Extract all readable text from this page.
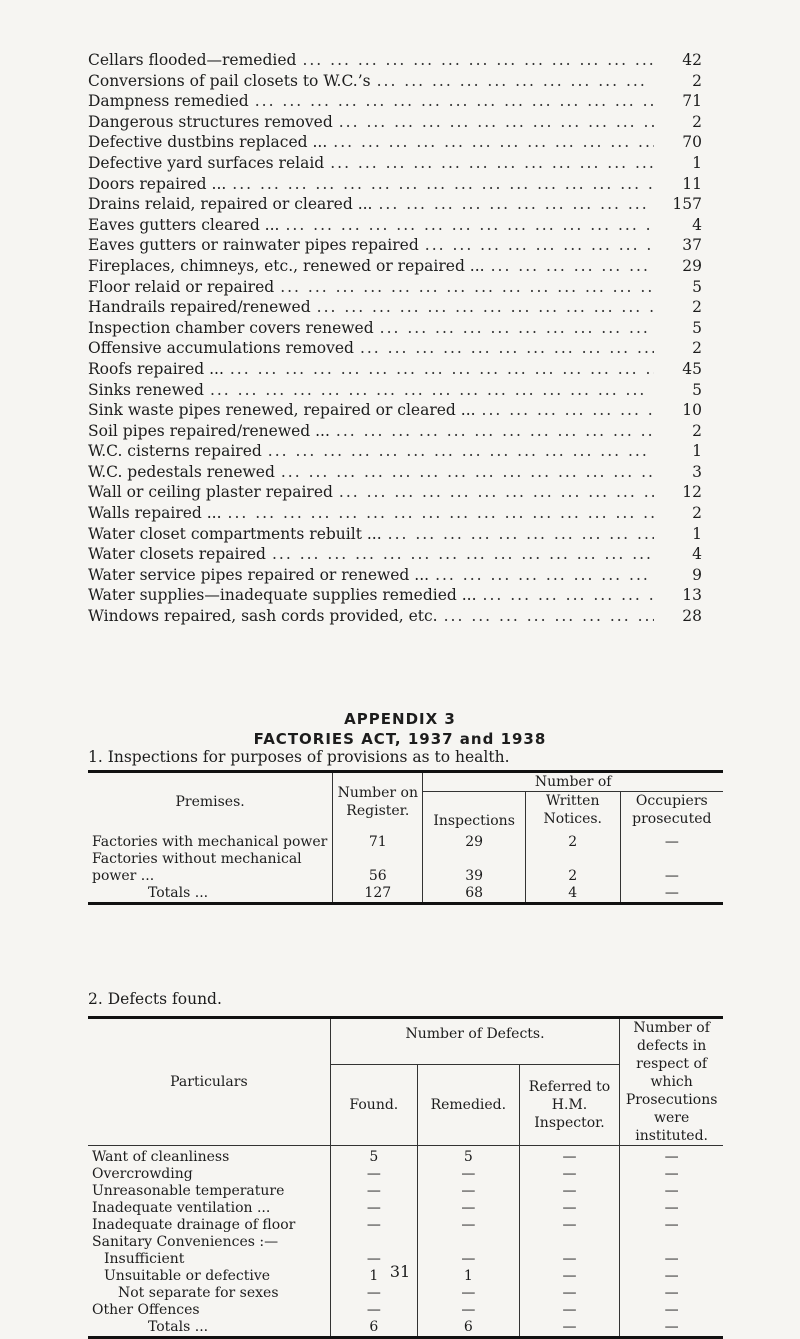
Cellars flooded—remedied ... .	42
Conversions of pail closets to W.C.’s ... .	2
Dampness remedied ... .	71
Dangerous structures removed ... .	2
Defective dustbins replaced ... ... .	70
Defective yard surfaces relaid ... .	1
Doors repaired ... ... .	11
Drains relaid, repaired or cleared ... ... .	157
Eaves gutters cleared ... ... .	4
Eaves gutters or rainwater pipes repaired ... .	37
Fireplaces, chimneys, etc., renewed or repaired ... ... .	29
Floor relaid or repaired ... .	5
Handrails repaired/renewed ... .	2
Inspection chamber covers renewed ... .	5
Offensive accumulations removed ... .	2
Roofs repaired ... ... .	45
Sinks renewed ... .	5
Sink waste pipes renewed, repaired or cleared ... ... .	10
Soil pipes repaired/renewed ... ... .	2
W.C. cisterns repaired ... .	1
W.C. pedestals renewed ... .	3
Wall or ceiling plaster repaired ... .	12
Walls repaired ... ... .	2
Water closet compartments rebuilt ... ... .	1
Water closets repaired ... .	4
Water service pipes repaired or renewed ... ... .	9
Water supplies—inadequate supplies remedied ... ... .	13
Windows repaired, sash cords provided, etc. ... .	28
APPENDIX 3
FACTORIES ACT, 1937 and 1938
1. Inspections for purposes of provisions as to health.
Premises.	Number on Register.	Number of		
		Inspections	Written Notices.	Occupiers prosecuted
Factories with mechanical power	71	29	2	—
Factories without mechanical power ...	56	39	2	—
Totals ...	127	68	4	—
2. Defects found.
Particulars	Number of Defects.			Number of defects in respect of which Prosecutions were instituted.
	Found.	Remedied.	Referred to H.M. Inspector.	
Want of cleanliness	5	5	—	—
Overcrowding	—	—	—	—
Unreasonable temperature	—	—	—	—
Inadequate ventilation ...	—	—	—	—
Inadequate drainage of floor	—	—	—	—
Sanitary Conveniences :—				
Insufficient	—	—	—	—
Unsuitable or defective	1	1	—	—
Not separate for sexes	—	—	—	—
Other Offences	—	—	—	—
Totals ...	6	6	—	—
31
